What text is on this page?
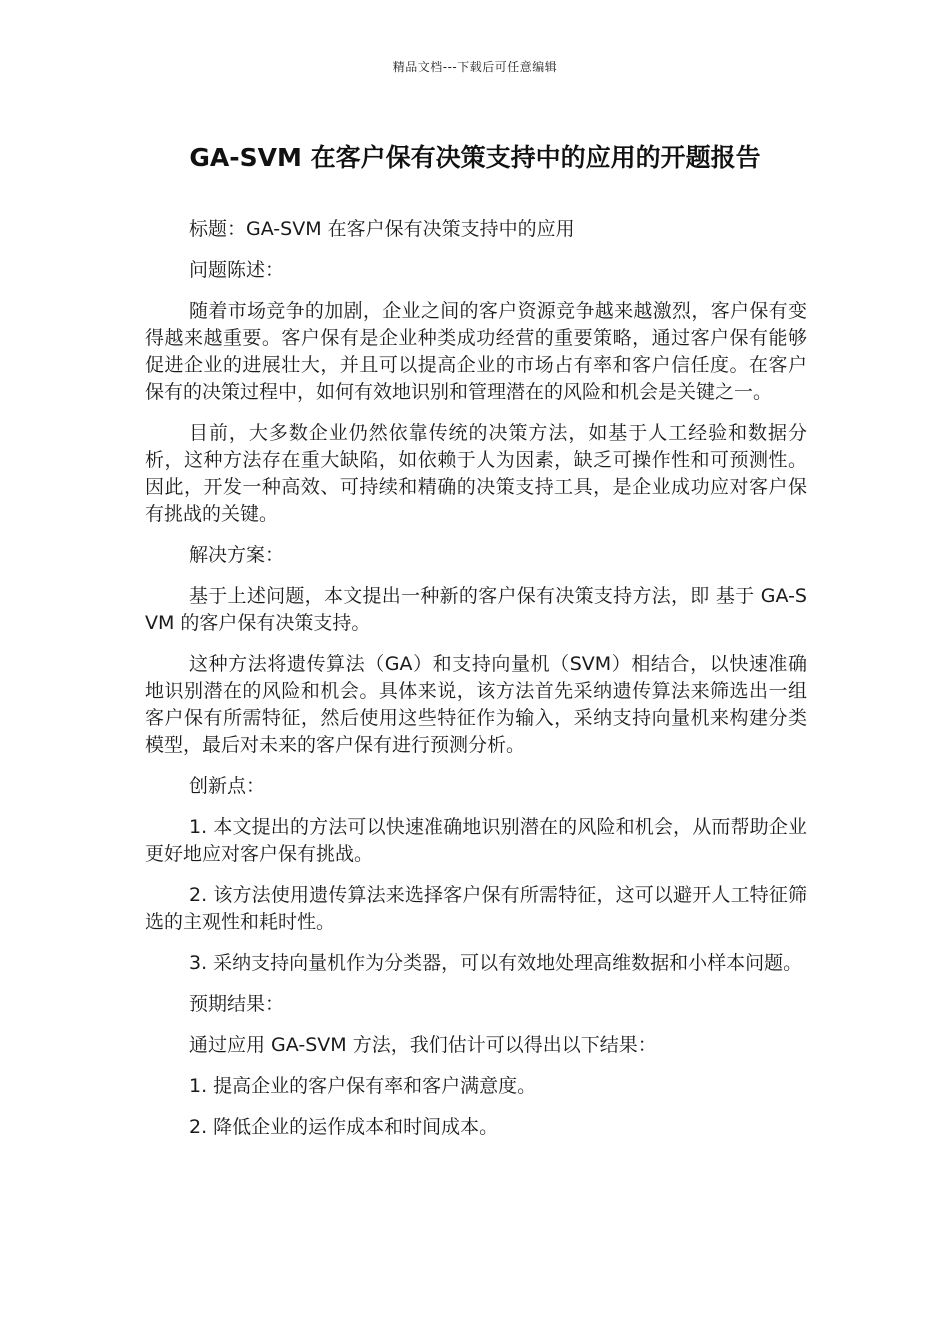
精品文档---下载后可任意编辑
GA-SVM 在客户保有决策支持中的应用的开题报告

标题：GA-SVM 在客户保有决策支持中的应用

问题陈述：

随着市场竞争的加剧，企业之间的客户资源竞争越来越激烈，客户保有变得越来越重要。客户保有是企业种类成功经营的重要策略，通过客户保有能够促进企业的进展壮大，并且可以提高企业的市场占有率和客户信任度。在客户保有的决策过程中，如何有效地识别和管理潜在的风险和机会是关键之一。

目前，大多数企业仍然依靠传统的决策方法，如基于人工经验和数据分析，这种方法存在重大缺陷，如依赖于人为因素，缺乏可操作性和可预测性。因此，开发一种高效、可持续和精确的决策支持工具，是企业成功应对客户保有挑战的关键。

解决方案：

基于上述问题，本文提出一种新的客户保有决策支持方法，即 基于 GA-SVM 的客户保有决策支持。

这种方法将遗传算法（GA）和支持向量机（SVM）相结合，以快速准确地识别潜在的风险和机会。具体来说，该方法首先采纳遗传算法来筛选出一组客户保有所需特征，然后使用这些特征作为输入，采纳支持向量机来构建分类模型，最后对未来的客户保有进行预测分析。

创新点：

1. 本文提出的方法可以快速准确地识别潜在的风险和机会，从而帮助企业更好地应对客户保有挑战。

2. 该方法使用遗传算法来选择客户保有所需特征，这可以避开人工特征筛选的主观性和耗时性。

3. 采纳支持向量机作为分类器，可以有效地处理高维数据和小样本问题。

预期结果：

通过应用 GA-SVM 方法，我们估计可以得出以下结果：

1. 提高企业的客户保有率和客户满意度。

2. 降低企业的运作成本和时间成本。
